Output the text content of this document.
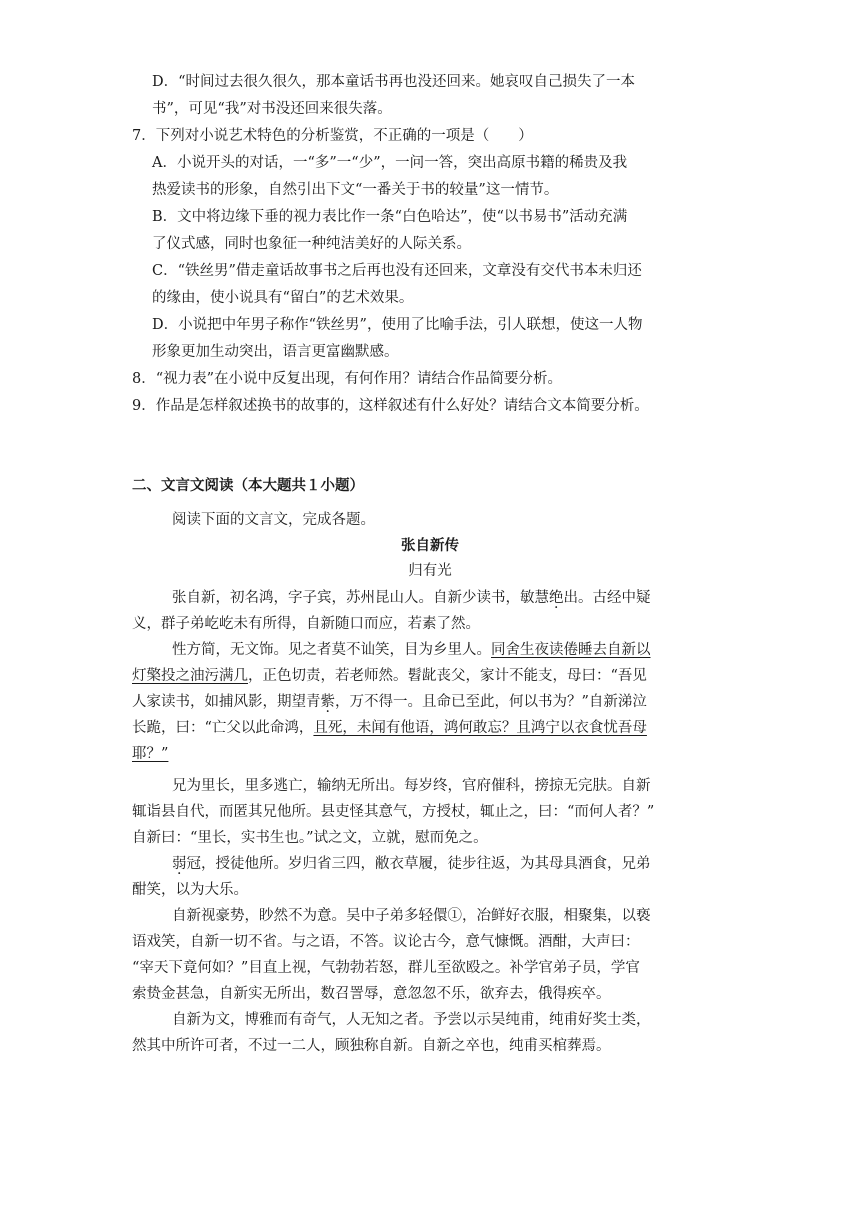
D．“时间过去很久很久，那本童话书再也没还回来。她哀叹自己损失了一本
书”，可见“我”对书没还回来很失落。
7．下列对小说艺术特色的分析鉴赏，不正确的一项是（　　）
A．小说开头的对话，一“多”一“少”，一问一答，突出高原书籍的稀贵及我
热爱读书的形象，自然引出下文“一番关于书的较量”这一情节。
B．文中将边缘下垂的视力表比作一条“白色哈达”，使“以书易书”活动充满
了仪式感，同时也象征一种纯洁美好的人际关系。
C．“铁丝男”借走童话故事书之后再也没有还回来，文章没有交代书本未归还
的缘由，使小说具有“留白”的艺术效果。
D．小说把中年男子称作“铁丝男”，使用了比喻手法，引人联想，使这一人物
形象更加生动突出，语言更富幽默感。
8．“视力表”在小说中反复出现，有何作用？请结合作品简要分析。
9．作品是怎样叙述换书的故事的，这样叙述有什么好处？请结合文本简要分析。
二、文言文阅读（本大题共１小题）
阅读下面的文言文，完成各题。
张自新传
归有光
张自新，初名鸿，字子宾，苏州昆山人。自新少读书，敏慧绝出。古经中疑
义，群子弟屹屹未有所得，自新随口而应，若素了然。
性方简，无文饰。见之者莫不讪笑，目为乡里人。同舍生夜读倦睡去自新以
灯檠投之油污满几，正色切责，若老师然。髫龀丧父，家计不能支，母曰：“吾见
人家读书，如捕风影，期望青紫，万不得一。且命已至此，何以书为？”自新涕泣
长跪，曰：“亡父以此命鸿，且死，未闻有他语，鸿何敢忘？且鸿宁以衣食忧吾母
耶？”
兄为里长，里多逃亡，输纳无所出。每岁终，官府催科，搒掠无完肤。自新
辄诣县自代，而匿其兄他所。县吏怪其意气，方授杖，辄止之，曰：“而何人者？”
自新曰：“里长，实书生也。”试之文，立就，慰而免之。
弱冠，授徒他所。岁归省三四，敝衣草履，徒步往返，为其母具酒食，兄弟
酣笑，以为大乐。
自新视豪势，眇然不为意。吴中子弟多轻儇①，冶鲜好衣服，相聚集，以亵
语戏笑，自新一切不省。与之语，不答。议论古今，意气慷慨。酒酣，大声曰：
“宰天下竟何如？”目直上视，气勃勃若怒，群儿至欲殴之。补学官弟子员，学官
索贽金甚急，自新实无所出，数召詈辱，意忽忽不乐，欲弃去，俄得疾卒。
自新为文，博雅而有奇气，人无知之者。予尝以示吴纯甫，纯甫好奖士类，
然其中所许可者，不过一二人，顾独称自新。自新之卒也，纯甫买棺葬焉。
